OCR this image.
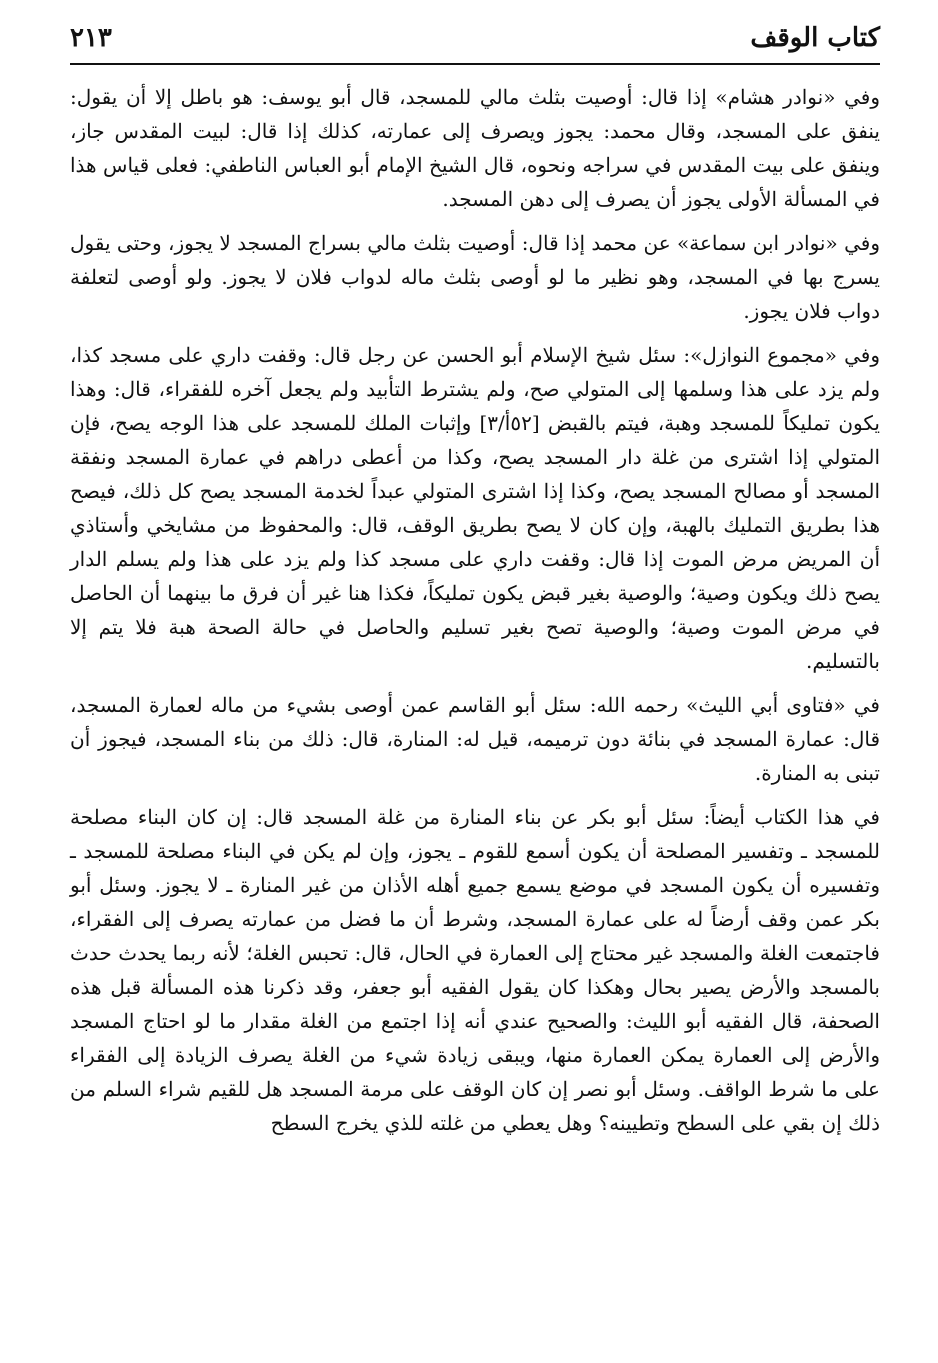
كتاب الوقف
٢١٣

وفي «نوادر هشام» إذا قال: أوصيت بثلث مالي للمسجد، قال أبو يوسف: هو باطل إلا أن يقول: ينفق على المسجد، وقال محمد: يجوز ويصرف إلى عمارته، كذلك إذا قال: لبيت المقدس جاز، وينفق على بيت المقدس في سراجه ونحوه، قال الشيخ الإمام أبو العباس الناطفي: فعلى قياس هذا في المسألة الأولى يجوز أن يصرف إلى دهن المسجد.

وفي «نوادر ابن سماعة» عن محمد إذا قال: أوصيت بثلث مالي بسراج المسجد لا يجوز، وحتى يقول يسرج بها في المسجد، وهو نظير ما لو أوصى بثلث ماله لدواب فلان لا يجوز. ولو أوصى لتعلفة دواب فلان يجوز.

وفي «مجموع النوازل»: سئل شيخ الإسلام أبو الحسن عن رجل قال: وقفت داري على مسجد كذا، ولم يزد على هذا وسلمها إلى المتولي صح، ولم يشترط التأبيد ولم يجعل آخره للفقراء، قال: وهذا يكون تمليكاً للمسجد وهبة، فيتم بالقبض [٥٢أ/٣] وإثبات الملك للمسجد على هذا الوجه يصح، فإن المتولي إذا اشترى من غلة دار المسجد يصح، وكذا من أعطى دراهم في عمارة المسجد ونفقة المسجد أو مصالح المسجد يصح، وكذا إذا اشترى المتولي عبداً لخدمة المسجد يصح كل ذلك، فيصح هذا بطريق التمليك بالهبة، وإن كان لا يصح بطريق الوقف، قال: والمحفوظ من مشايخي وأستاذي أن المريض مرض الموت إذا قال: وقفت داري على مسجد كذا ولم يزد على هذا ولم يسلم الدار يصح ذلك ويكون وصية؛ والوصية بغير قبض يكون تمليكاً، فكذا هنا غير أن فرق ما بينهما أن الحاصل في مرض الموت وصية؛ والوصية تصح بغير تسليم والحاصل في حالة الصحة هبة فلا يتم إلا بالتسليم.

في «فتاوى أبي الليث» رحمه الله: سئل أبو القاسم عمن أوصى بشيء من ماله لعمارة المسجد، قال: عمارة المسجد في بنائة دون ترميمه، قيل له: المنارة، قال: ذلك من بناء المسجد، فيجوز أن تبنى به المنارة.

في هذا الكتاب أيضاً: سئل أبو بكر عن بناء المنارة من غلة المسجد قال: إن كان البناء مصلحة للمسجد ـ وتفسير المصلحة أن يكون أسمع للقوم ـ يجوز، وإن لم يكن في البناء مصلحة للمسجد ـ وتفسيره أن يكون المسجد في موضع يسمع جميع أهله الأذان من غير المنارة ـ لا يجوز. وسئل أبو بكر عمن وقف أرضاً له على عمارة المسجد، وشرط أن ما فضل من عمارته يصرف إلى الفقراء، فاجتمعت الغلة والمسجد غير محتاج إلى العمارة في الحال، قال: تحبس الغلة؛ لأنه ربما يحدث حدث بالمسجد والأرض يصير بحال وهكذا كان يقول الفقيه أبو جعفر، وقد ذكرنا هذه المسألة قبل هذه الصحفة، قال الفقيه أبو الليث: والصحيح عندي أنه إذا اجتمع من الغلة مقدار ما لو احتاج المسجد والأرض إلى العمارة يمكن العمارة منها، ويبقى زيادة شيء من الغلة يصرف الزيادة إلى الفقراء على ما شرط الواقف. وسئل أبو نصر إن كان الوقف على مرمة المسجد هل للقيم شراء السلم من ذلك إن بقي على السطح وتطيينه؟ وهل يعطي من غلته للذي يخرج السطح
